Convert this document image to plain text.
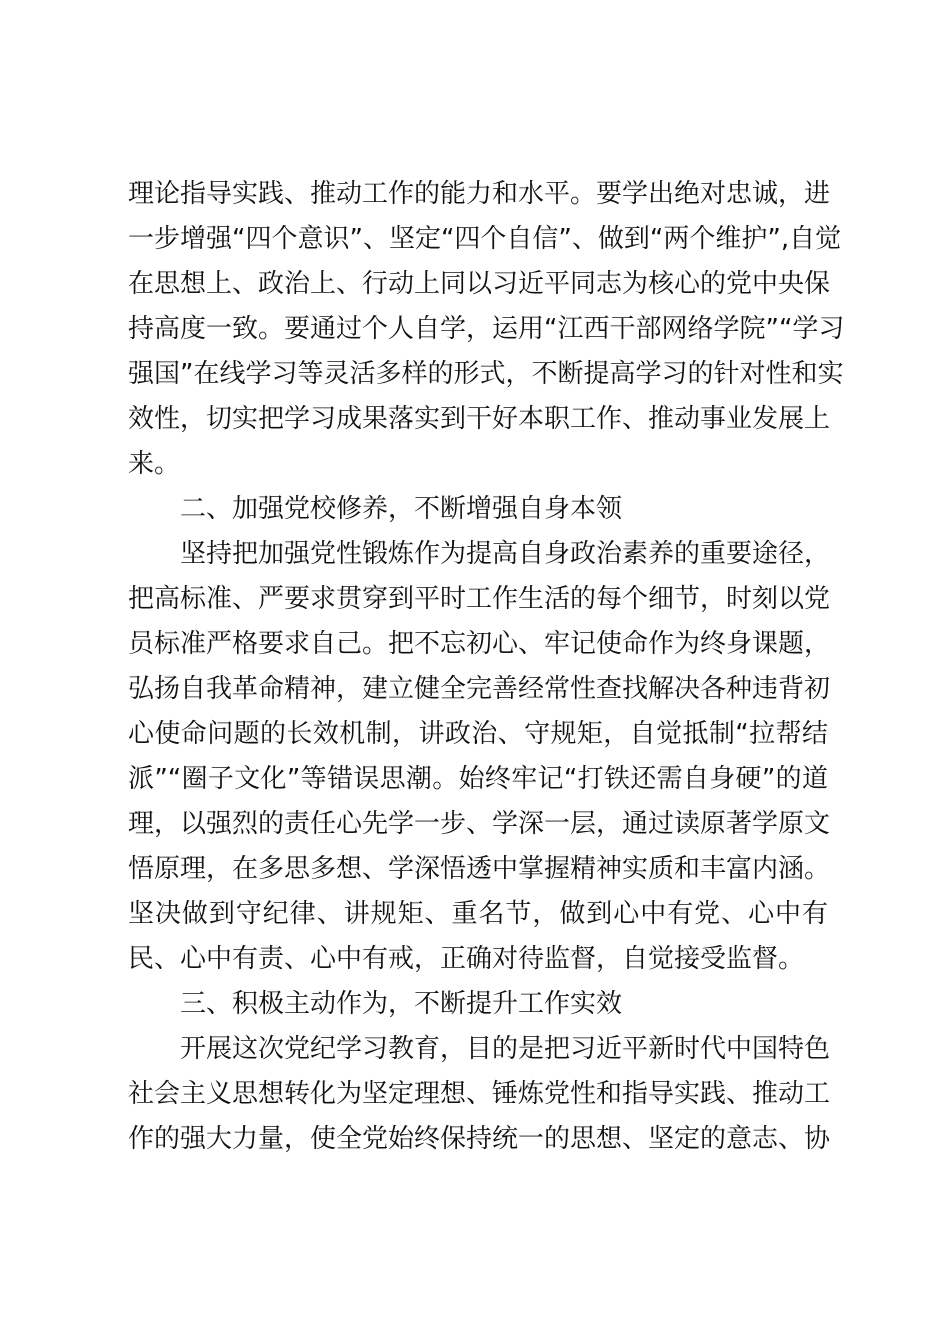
理论指导实践、推动工作的能力和水平。要学出绝对忠诚，进
一步增强“四个意识”、坚定“四个自信”、做到“两个维护”,自觉
在思想上、政治上、行动上同以习近平同志为核心的党中央保
持高度一致。要通过个人自学，运用“江西干部网络学院”“学习
强国”在线学习等灵活多样的形式，不断提高学习的针对性和实
效性，切实把学习成果落实到干好本职工作、推动事业发展上
来。
二、加强党校修养，不断增强自身本领
坚持把加强党性锻炼作为提高自身政治素养的重要途径，
把高标准、严要求贯穿到平时工作生活的每个细节，时刻以党
员标准严格要求自己。把不忘初心、牢记使命作为终身课题，
弘扬自我革命精神，建立健全完善经常性查找解决各种违背初
心使命问题的长效机制，讲政治、守规矩，自觉抵制“拉帮结
派”“圈子文化”等错误思潮。始终牢记“打铁还需自身硬”的道
理，以强烈的责任心先学一步、学深一层，通过读原著学原文
悟原理，在多思多想、学深悟透中掌握精神实质和丰富内涵。
坚决做到守纪律、讲规矩、重名节，做到心中有党、心中有
民、心中有责、心中有戒，正确对待监督，自觉接受监督。
三、积极主动作为，不断提升工作实效
开展这次党纪学习教育，目的是把习近平新时代中国特色
社会主义思想转化为坚定理想、锤炼党性和指导实践、推动工
作的强大力量，使全党始终保持统一的思想、坚定的意志、协
